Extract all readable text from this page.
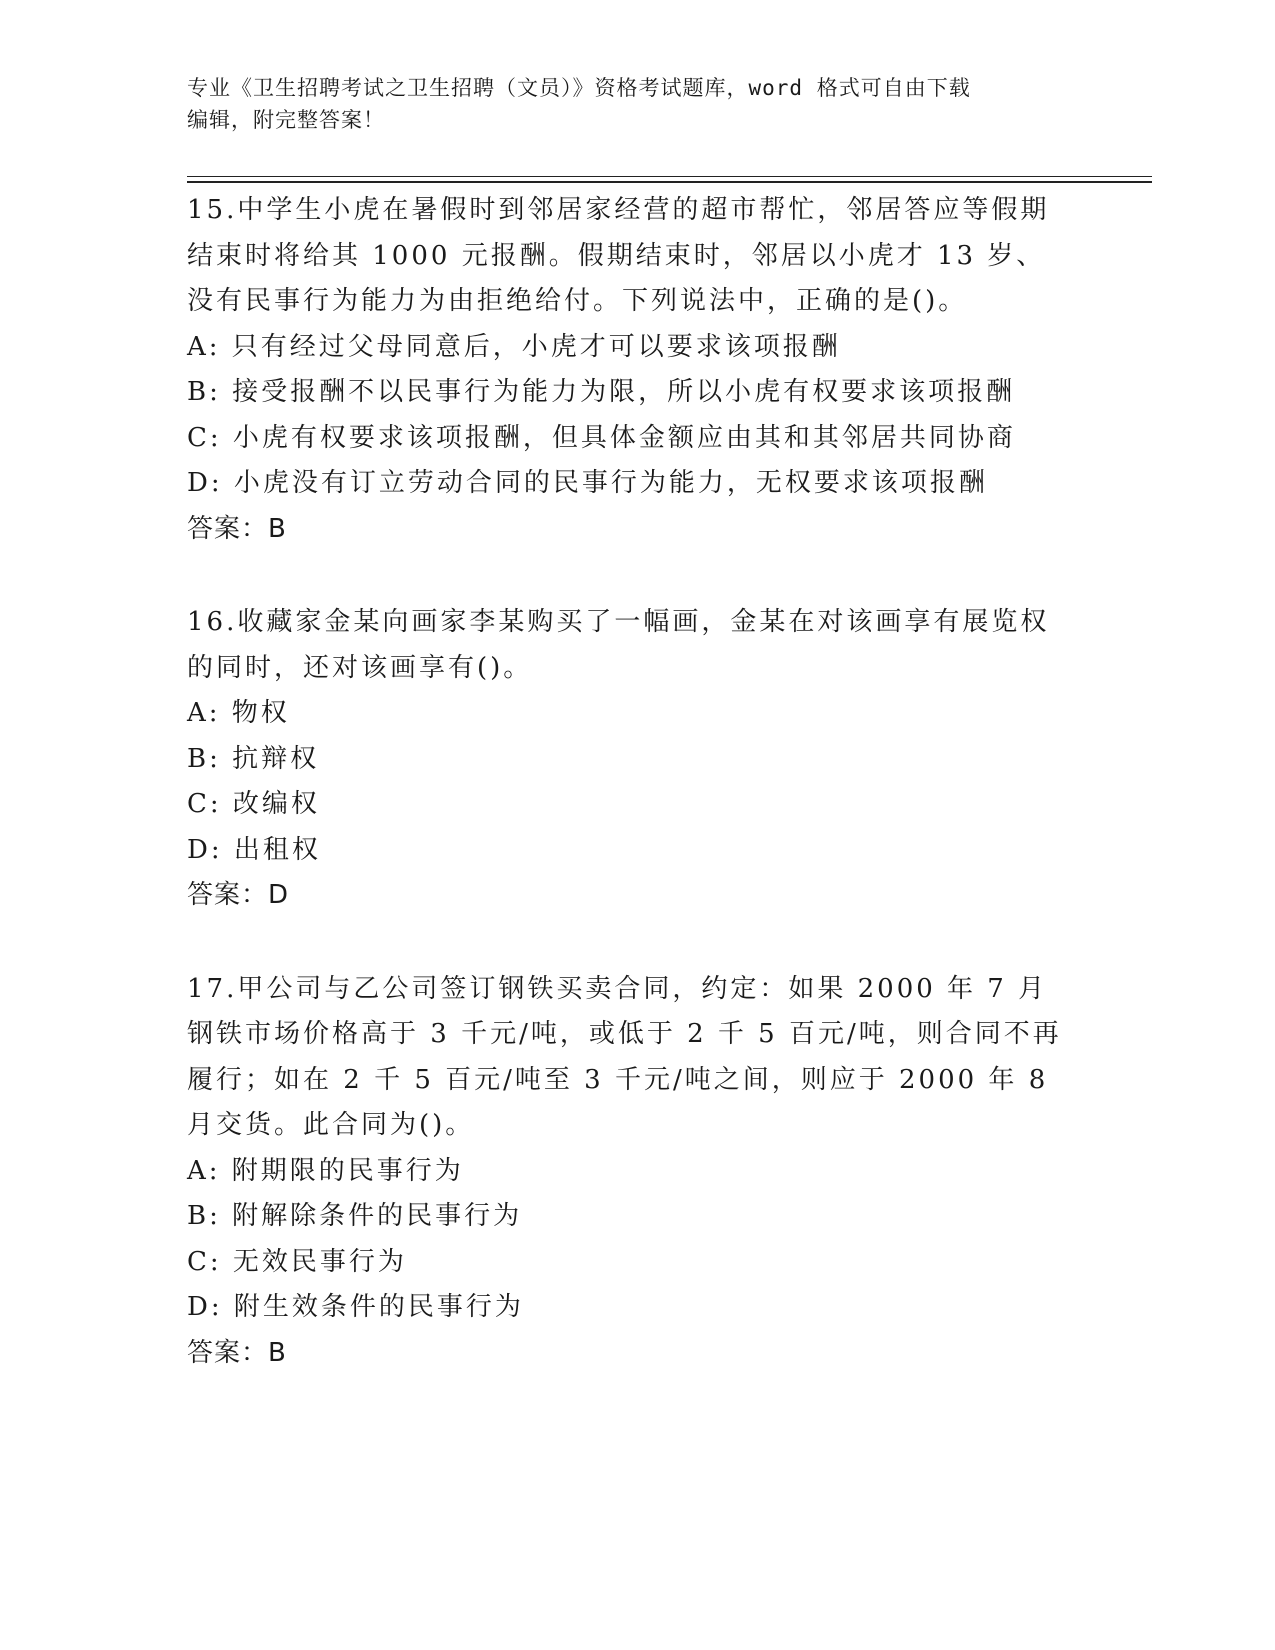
专业《卫生招聘考试之卫生招聘（文员）》资格考试题库，word 格式可自由下载
编辑，附完整答案！
15.中学生小虎在暑假时到邻居家经营的超市帮忙，邻居答应等假期结束时将给其 1000 元报酬。假期结束时，邻居以小虎才 13 岁、没有民事行为能力为由拒绝给付。下列说法中，正确的是()。
A: 只有经过父母同意后，小虎才可以要求该项报酬
B: 接受报酬不以民事行为能力为限，所以小虎有权要求该项报酬
C: 小虎有权要求该项报酬，但具体金额应由其和其邻居共同协商
D: 小虎没有订立劳动合同的民事行为能力，无权要求该项报酬
答案：B
16.收藏家金某向画家李某购买了一幅画，金某在对该画享有展览权的同时，还对该画享有()。
A: 物权
B: 抗辩权
C: 改编权
D: 出租权
答案：D
17.甲公司与乙公司签订钢铁买卖合同，约定：如果 2000 年 7 月钢铁市场价格高于 3 千元/吨，或低于 2 千 5 百元/吨，则合同不再履行；如在 2 千 5 百元/吨至 3 千元/吨之间，则应于 2000 年 8 月交货。此合同为()。
A: 附期限的民事行为
B: 附解除条件的民事行为
C: 无效民事行为
D: 附生效条件的民事行为
答案：B
